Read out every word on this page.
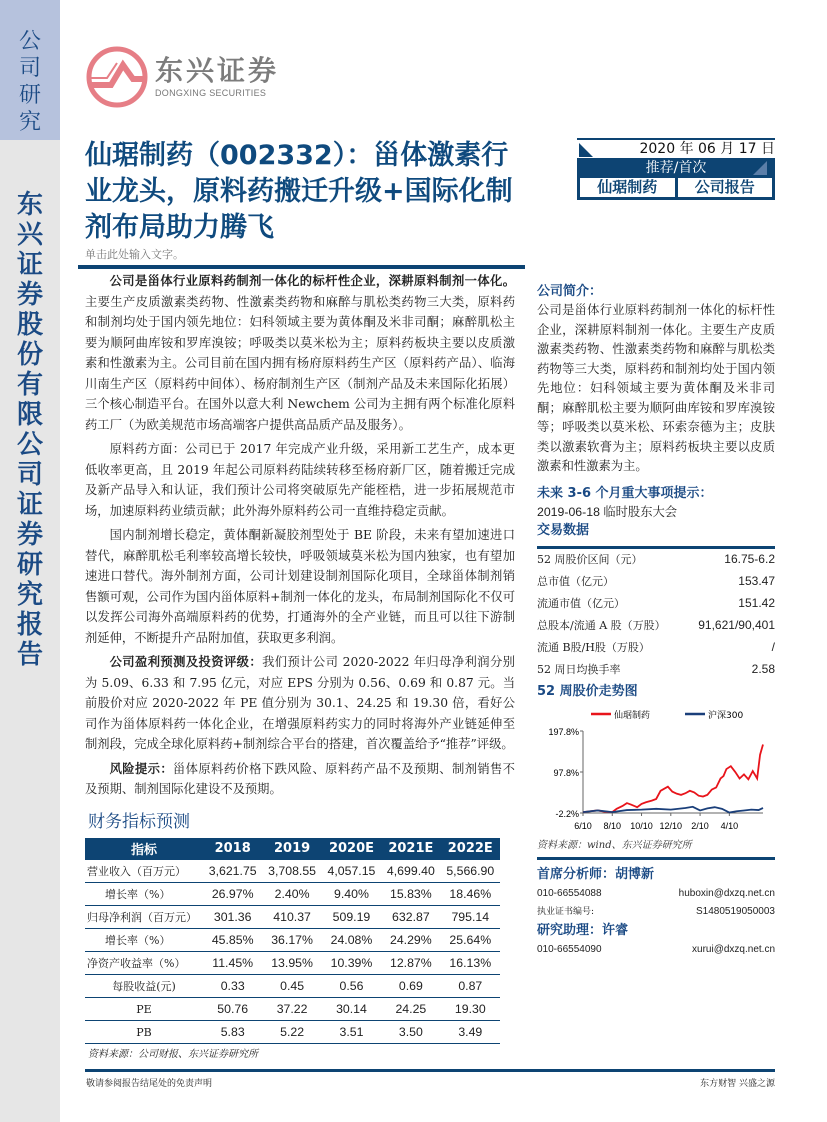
公司研究
东兴证券股份有限公司证券研究报告
东兴证券
DONGXING SECURITIES
仙琚制药（002332）：甾体激素行业龙头，原料药搬迁升级+国际化制剂布局助力腾飞
单击此处输入文字。
2020 年 06 月 17 日
推荐/首次
仙琚制药	公司报告

公司是甾体行业原料药制剂一体化的标杆性企业，深耕原料制剂一体化。主要生产皮质激素类药物、性激素类药物和麻醉与肌松类药物三大类，原料药和制剂均处于国内领先地位：妇科领域主要为黄体酮及米非司酮；麻醉肌松主要为顺阿曲库铵和罗库溴铵；呼吸类以莫米松为主；原料药板块主要以皮质激素和性激素为主。公司目前在国内拥有杨府原料药生产区（原料药产品）、临海川南生产区（原料药中间体）、杨府制剂生产区（制剂产品及未来国际化拓展）三个核心制造平台。在国外以意大利 Newchem 公司为主拥有两个标准化原料药工厂（为欧美规范市场高端客户提供高品质产品及服务）。

原料药方面：公司已于 2017 年完成产业升级，采用新工艺生产，成本更低收率更高，且 2019 年起公司原料药陆续转移至杨府新厂区，随着搬迁完成及新产品导入和认证，我们预计公司将突破原先产能桎梏，进一步拓展规范市场，加速原料药业绩贡献；此外海外原料药公司一直维持稳定贡献。

国内制剂增长稳定，黄体酮新凝胶剂型处于 BE 阶段，未来有望加速进口替代，麻醉肌松毛利率较高增长较快，呼吸领域莫米松为国内独家，也有望加速进口替代。海外制剂方面，公司计划建设制剂国际化项目，全球甾体制剂销售额可观，公司作为国内甾体原料+制剂一体化的龙头，布局制剂国际化不仅可以发挥公司海外高端原料药的优势，打通海外的全产业链，而且可以往下游制剂延伸，不断提升产品附加值，获取更多利润。

公司盈利预测及投资评级：我们预计公司 2020-2022 年归母净利润分别为 5.09、6.33 和 7.95 亿元，对应 EPS 分别为 0.56、0.69 和 0.87 元。当前股价对应 2020-2022 年 PE 值分别为 30.1、24.25 和 19.30 倍，看好公司作为甾体原料药一体化企业，在增强原料药实力的同时将海外产业链延伸至制剂段，完成全球化原料药+制剂综合平台的搭建，首次覆盖给予“推荐”评级。

风险提示：甾体原料药价格下跌风险、原料药产品不及预期、制剂销售不及预期、制剂国际化建设不及预期。

财务指标预测
指标	2018	2019	2020E	2021E	2022E
营业收入（百万元）	3,621.75	3,708.55	4,057.15	4,699.40	5,566.90
增长率（%）	26.97%	2.40%	9.40%	15.83%	18.46%
归母净利润（百万元）	301.36	410.37	509.19	632.87	795.14
增长率（%）	45.85%	36.17%	24.08%	24.29%	25.64%
净资产收益率（%）	11.45%	13.95%	10.39%	12.87%	16.13%
每股收益(元)	0.33	0.45	0.56	0.69	0.87
PE	50.76	37.22	30.14	24.25	19.30
PB	5.83	5.22	3.51	3.50	3.49
资料来源：公司财报、东兴证券研究所
公司简介：
公司是甾体行业原料药制剂一体化的标杆性企业，深耕原料制剂一体化。主要生产皮质激素类药物、性激素类药物和麻醉与肌松类药物等三大类，原料药和制剂均处于国内领先地位：妇科领域主要为黄体酮及米非司酮；麻醉肌松主要为顺阿曲库铵和罗库溴铵等；呼吸类以莫米松、环索奈德为主；皮肤类以激素软膏为主；原料药板块主要以皮质激素和性激素为主。
未来 3-6 个月重大事项提示：
2019-06-18 临时股东大会
交易数据
52 周股价区间（元）	16.75-6.2
总市值（亿元）	153.47
流通市值（亿元）	151.42
总股本/流通 A 股（万股）	91,621/90,401
流通 B股/H股（万股）	/
52 周日均换手率	2.58
52 周股价走势图
197.8%
97.8%
-2.2%
6/10 8/10 10/10 12/10 2/10 4/10
仙琚制药	沪深300
资料来源：wind、东兴证券研究所
首席分析师：胡博新
010-66554088	huboxin@dxzq.net.cn
执业证书编号:	S1480519050003
研究助理：许睿
010-66554090	xurui@dxzq.net.cn
敬请参阅报告结尾处的免责声明	东方财智 兴盛之源
